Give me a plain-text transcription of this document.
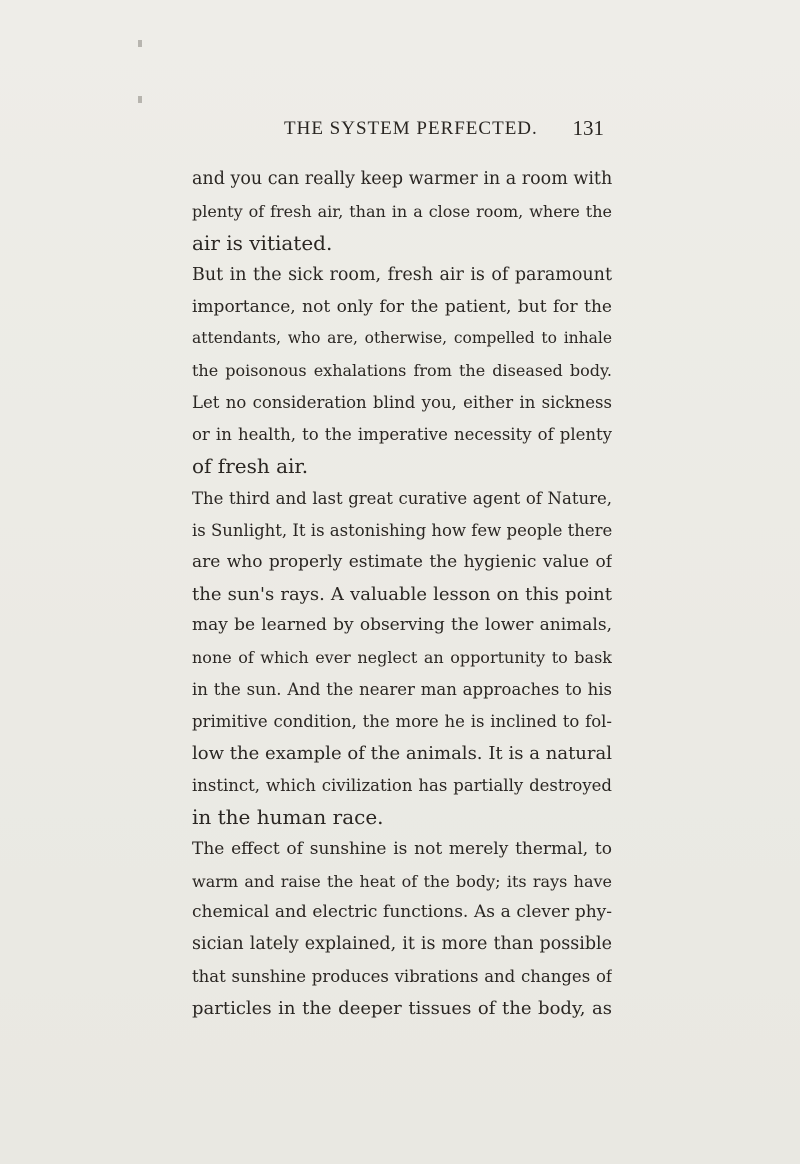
THE SYSTEM PERFECTED. 131
and you can really keep warmer in a room with
plenty of fresh air, than in a close room, where the
air is vitiated.
But in the sick room, fresh air is of paramount
importance, not only for the patient, but for the
attendants, who are, otherwise, compelled to inhale
the poisonous exhalations from the diseased body.
Let no consideration blind you, either in sickness
or in health, to the imperative necessity of plenty
of fresh air.
The third and last great curative agent of Nature,
is Sunlight, It is astonishing how few people there
are who properly estimate the hygienic value of
the sun's rays. A valuable lesson on this point
may be learned by observing the lower animals,
none of which ever neglect an opportunity to bask
in the sun. And the nearer man approaches to his
primitive condition, the more he is inclined to fol-
low the example of the animals. It is a natural
instinct, which civilization has partially destroyed
in the human race.
The effect of sunshine is not merely thermal, to
warm and raise the heat of the body; its rays have
chemical and electric functions. As a clever phy-
sician lately explained, it is more than possible
that sunshine produces vibrations and changes of
particles in the deeper tissues of the body, as
